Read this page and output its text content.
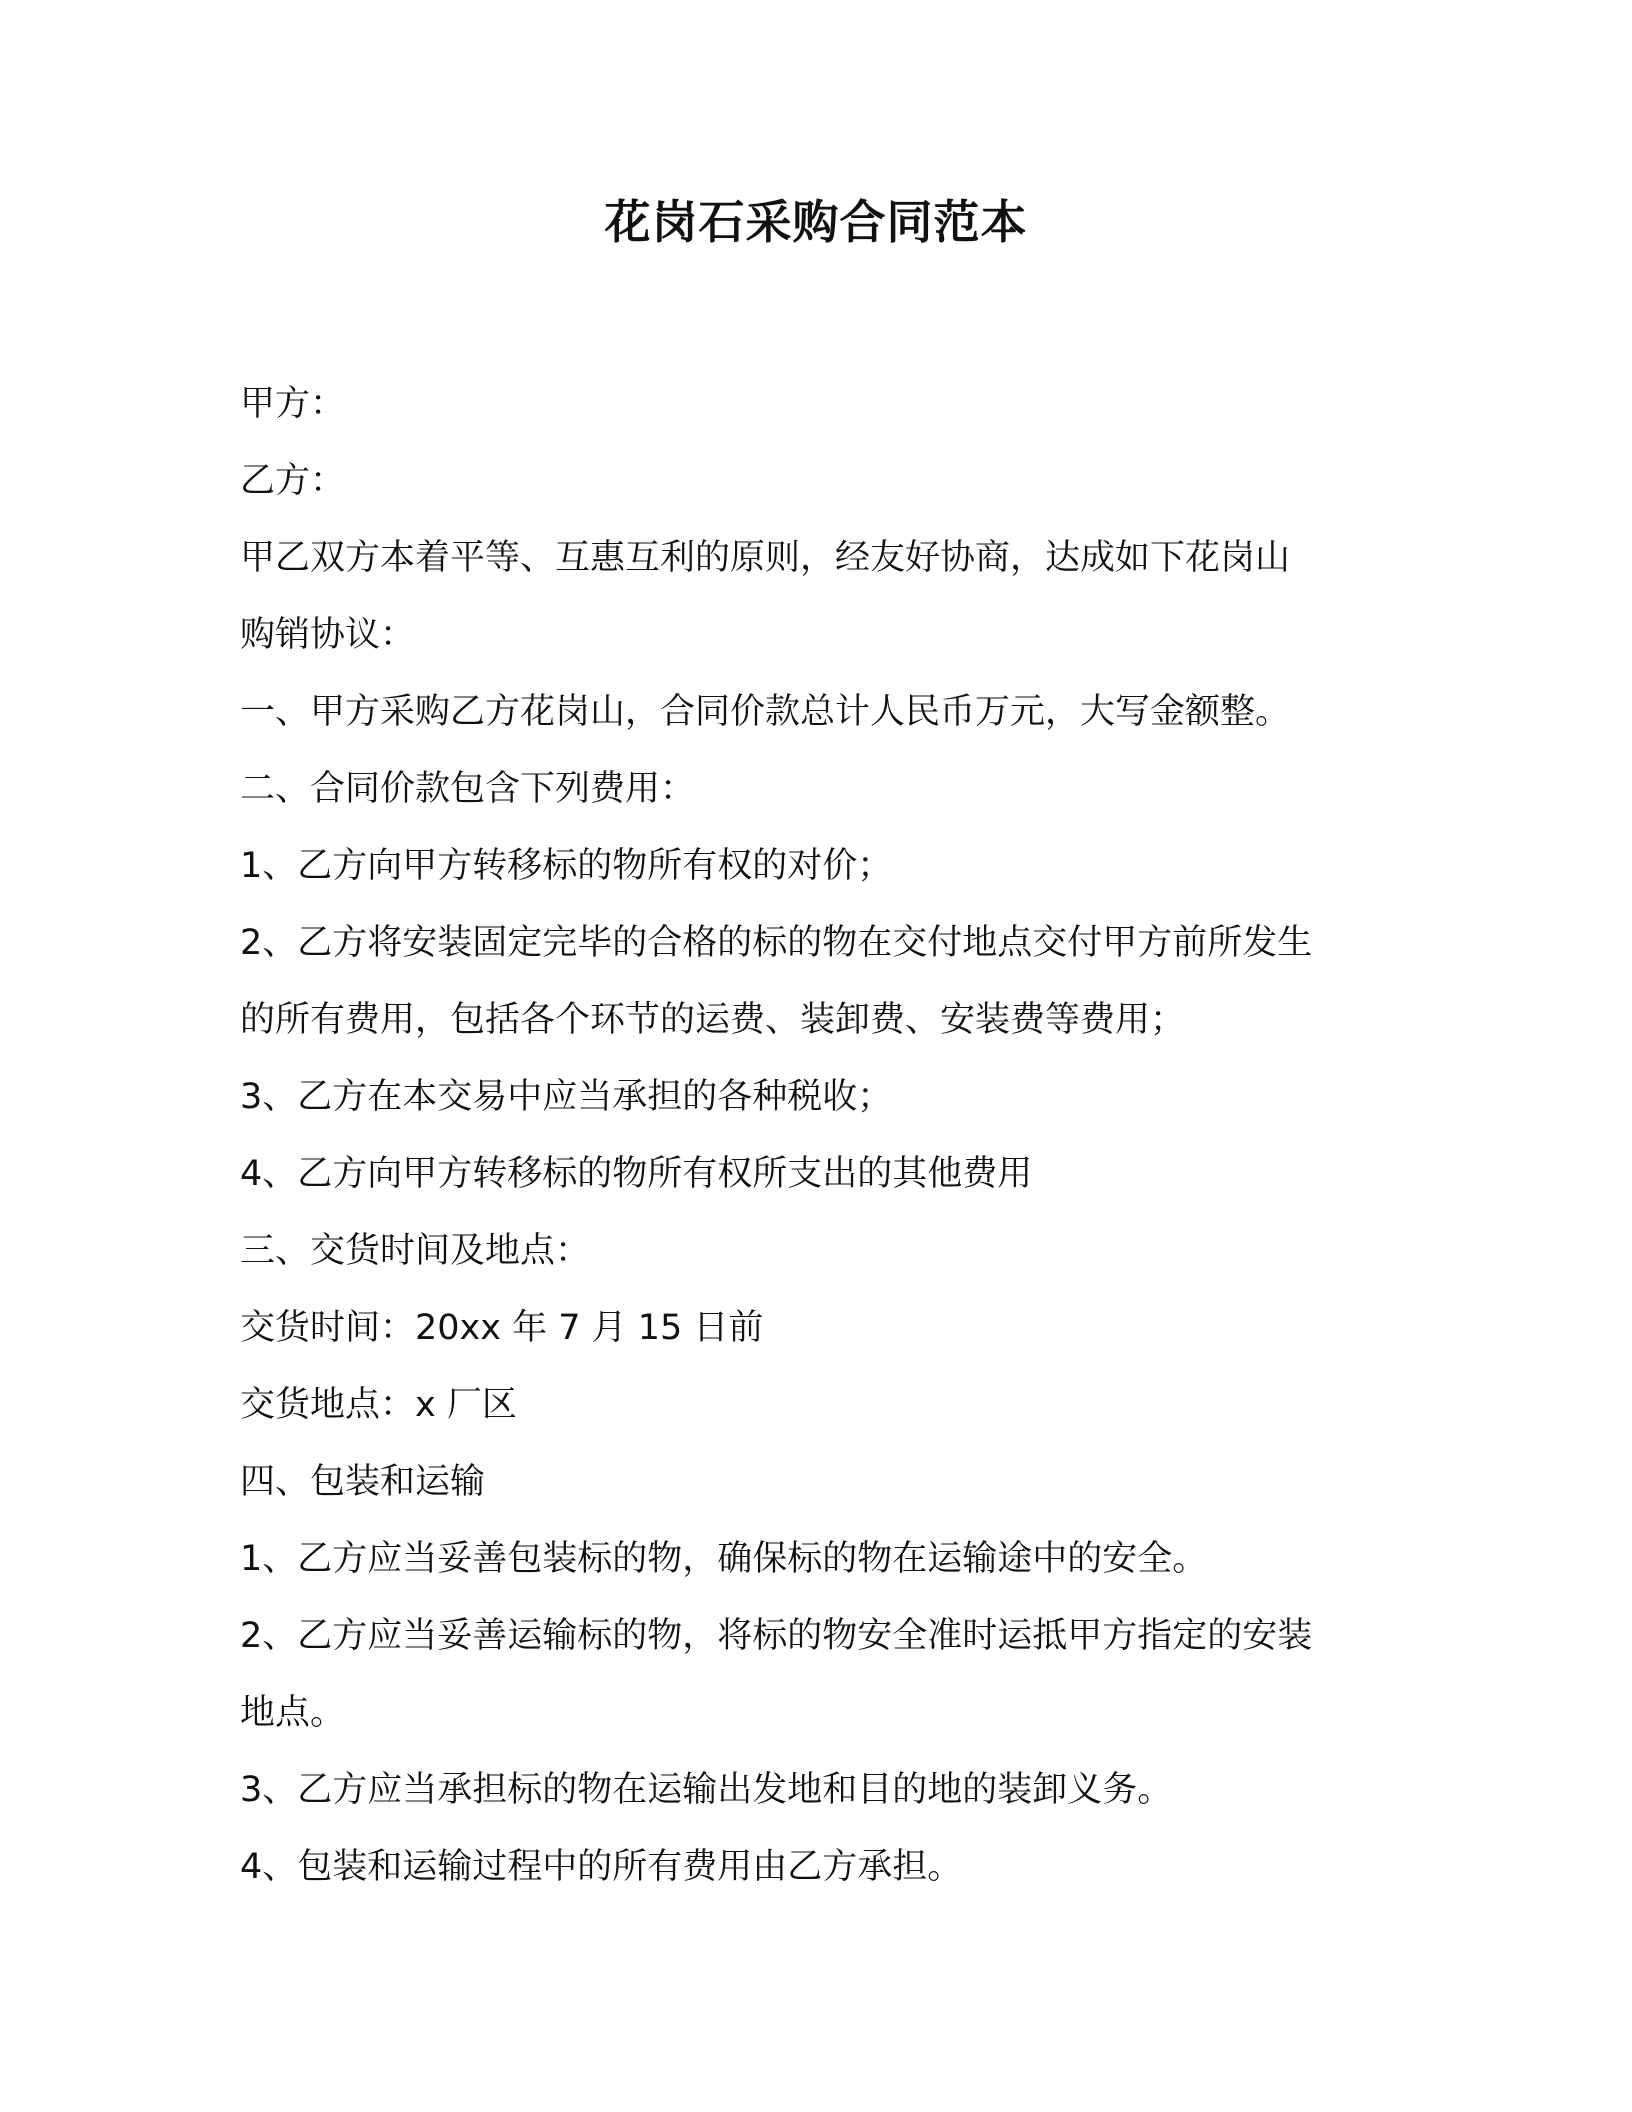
花岗石采购合同范本

甲方：

乙方：

甲乙双方本着平等、互惠互利的原则，经友好协商，达成如下花岗山

购销协议：

一、甲方采购乙方花岗山，合同价款总计人民币万元，大写金额整。

二、合同价款包含下列费用：

1、乙方向甲方转移标的物所有权的对价；

2、乙方将安装固定完毕的合格的标的物在交付地点交付甲方前所发生

的所有费用，包括各个环节的运费、装卸费、安装费等费用；

3、乙方在本交易中应当承担的各种税收；

4、乙方向甲方转移标的物所有权所支出的其他费用

三、交货时间及地点：

交货时间：20xx 年 7 月 15 日前

交货地点：x 厂区

四、包装和运输

1、乙方应当妥善包装标的物，确保标的物在运输途中的安全。

2、乙方应当妥善运输标的物，将标的物安全准时运抵甲方指定的安装

地点。

3、乙方应当承担标的物在运输出发地和目的地的装卸义务。

4、包装和运输过程中的所有费用由乙方承担。
